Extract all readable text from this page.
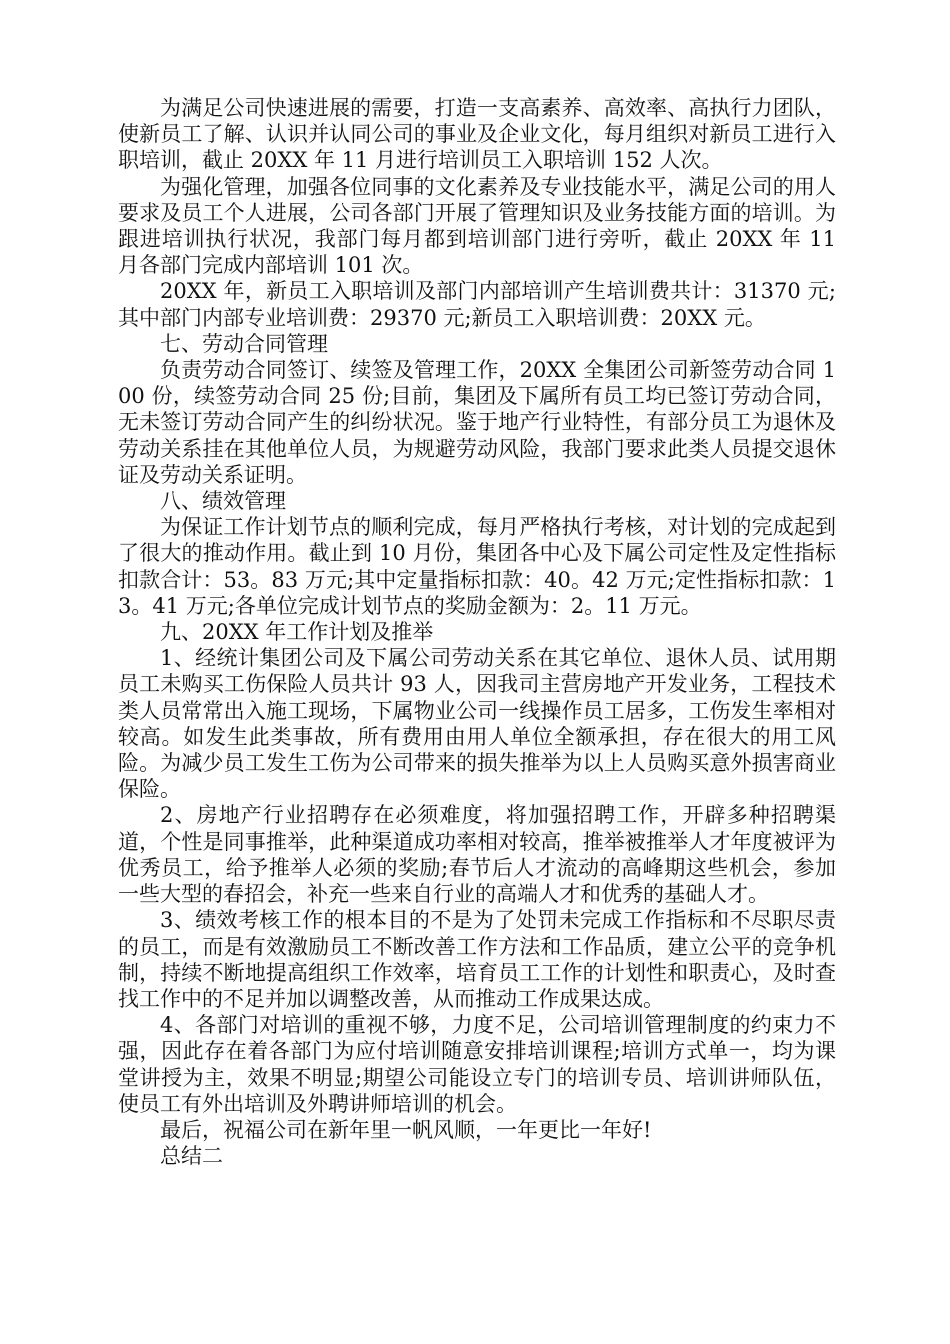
为满足公司快速进展的需要，打造一支高素养、高效率、高执行力团队，使新员工了解、认识并认同公司的事业及企业文化，每月组织对新员工进行入职培训，截止 20XX 年 11 月进行培训员工入职培训 152 人次。

为强化管理，加强各位同事的文化素养及专业技能水平，满足公司的用人要求及员工个人进展，公司各部门开展了管理知识及业务技能方面的培训。为跟进培训执行状况，我部门每月都到培训部门进行旁听，截止 20XX 年 11 月各部门完成内部培训 101 次。

20XX 年，新员工入职培训及部门内部培训产生培训费共计：31370 元;其中部门内部专业培训费：29370 元;新员工入职培训费：20XX 元。

七、劳动合同管理

负责劳动合同签订、续签及管理工作，20XX 全集团公司新签劳动合同 100 份，续签劳动合同 25 份;目前，集团及下属所有员工均已签订劳动合同，无未签订劳动合同产生的纠纷状况。鉴于地产行业特性，有部分员工为退休及劳动关系挂在其他单位人员，为规避劳动风险，我部门要求此类人员提交退休证及劳动关系证明。

八、绩效管理

为保证工作计划节点的顺利完成，每月严格执行考核，对计划的完成起到了很大的推动作用。截止到 10 月份，集团各中心及下属公司定性及定性指标扣款合计：53。83 万元;其中定量指标扣款：40。42 万元;定性指标扣款：13。41 万元;各单位完成计划节点的奖励金额为：2。11 万元。

九、20XX 年工作计划及推举

1、经统计集团公司及下属公司劳动关系在其它单位、退休人员、试用期员工未购买工伤保险人员共计 93 人，因我司主营房地产开发业务，工程技术类人员常常出入施工现场，下属物业公司一线操作员工居多，工伤发生率相对较高。如发生此类事故，所有费用由用人单位全额承担，存在很大的用工风险。为减少员工发生工伤为公司带来的损失推举为以上人员购买意外损害商业保险。

2、房地产行业招聘存在必须难度，将加强招聘工作，开辟多种招聘渠道，个性是同事推举，此种渠道成功率相对较高，推举被推举人才年度被评为优秀员工，给予推举人必须的奖励;春节后人才流动的高峰期这些机会，参加一些大型的春招会，补充一些来自行业的高端人才和优秀的基础人才。

3、绩效考核工作的根本目的不是为了处罚未完成工作指标和不尽职尽责的员工，而是有效激励员工不断改善工作方法和工作品质，建立公平的竞争机制，持续不断地提高组织工作效率，培育员工工作的计划性和职责心，及时查找工作中的不足并加以调整改善，从而推动工作成果达成。

4、各部门对培训的重视不够，力度不足，公司培训管理制度的约束力不强，因此存在着各部门为应付培训随意安排培训课程;培训方式单一，均为课堂讲授为主，效果不明显;期望公司能设立专门的培训专员、培训讲师队伍，使员工有外出培训及外聘讲师培训的机会。

最后，祝福公司在新年里一帆风顺，一年更比一年好!

总结二
